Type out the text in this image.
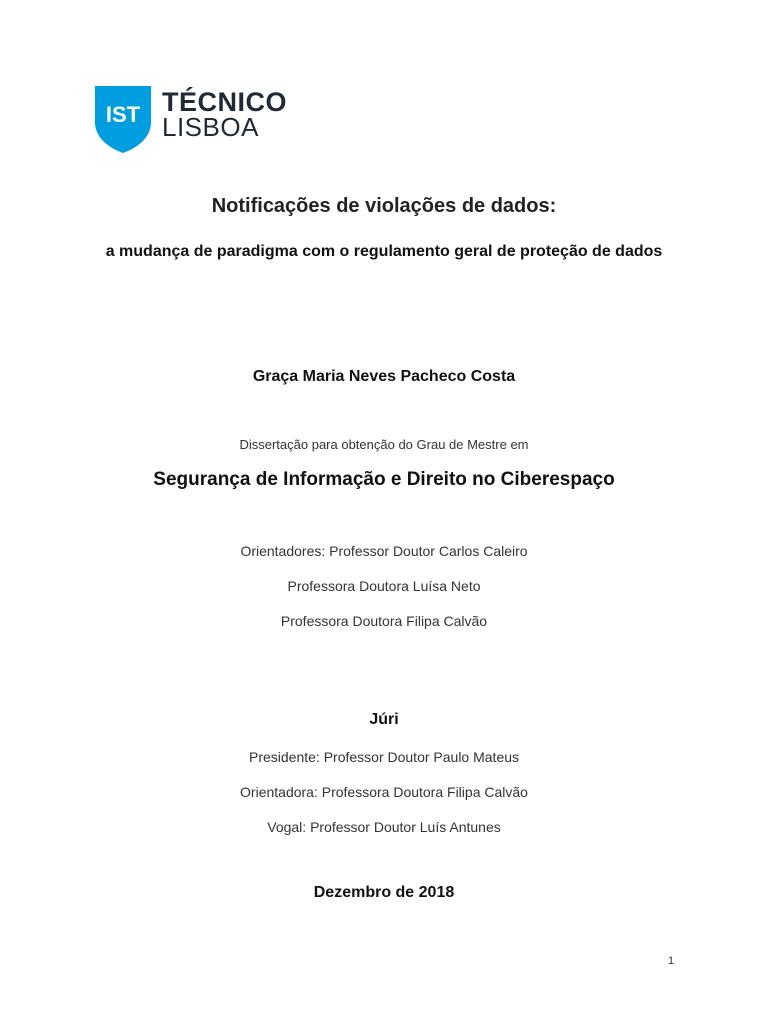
IST TÉCNICO
LISBOA
Notificações de violações de dados:
a mudança de paradigma com o regulamento geral de proteção de dados
Graça Maria Neves Pacheco Costa
Dissertação para obtenção do Grau de Mestre em
Segurança de Informação e Direito no Ciberespaço
Orientadores: Professor Doutor Carlos Caleiro
Professora Doutora Luísa Neto
Professora Doutora Filipa Calvão
Júri
Presidente: Professor Doutor Paulo Mateus
Orientadora: Professora Doutora Filipa Calvão
Vogal: Professor Doutor Luís Antunes
Dezembro de 2018
1
